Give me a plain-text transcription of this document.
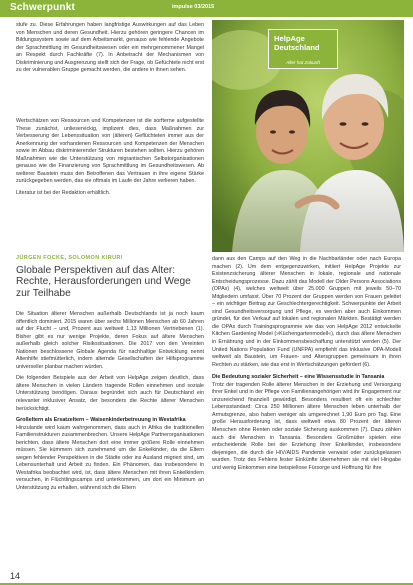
Schwerpunkt	impulse 03/2015

stufe zu. Diese Erfahrungen haben langfristige Auswirkungen auf das Leben von Menschen und deren Gesundheit. Hierzu gehören geringere Chancen im Bildungssystem sowie auf dem Arbeitsmarkt, genauso wie fehlende Angebote der Sprachmittlung im Gesundheitswesen oder ein mehrgenommener Mangel an Respekt durch Fachkräfte (7). In Anbetracht der Mechanismen von Diskriminierung und Ausgrenzung stellt sich der Frage, ob Gefüchtete nicht erst zu der vulnerablen Gruppe gemacht werden, die andere in ihnen sehen.

Wertschätzen von Ressourcen und Kompetenzen ist die sorfterne aufgestellte These zunächst, unlieservickig, implizent dies, dass Maßnahmen zur Verbesserung der Lebenssituation von (älteren) Geflüchteten immer aus der Anerkennung der vorhandenen Ressourcen und Kompetenzen der Menschen sowie im Abbau diskriminierender Strukturen bestehen sollten. Hierzu gehören Maßnahmen wie die Unterstützung von migrantischen Selbstorganisationen genauso wie die Finanzierung von Sprachmittlung im Gesundheitswesen. Ab welterer Baustein muss den Betroffenen das Vertrauen in ihre eigene Stärke zurückgegeben werden, das sie oftmals im Laufe der Jahre verlieren haben.

Literatur ist bei der Redaktion erhältlich.

HelpAge
Deutschland
Alter hat Zukunft
JÜRGEN FOCKE, SOLOMON KIRURI
Globale Perspektiven auf das Alter: Rechte, Herausforderungen und Wege zur Teilhabe

Die Situation älterer Menschen außerhalb Deutschlands ist ja noch kaum öffentlich dominiert. 2015 waren über sechs Millionen Menschen ab 60 Jahren auf der Flucht – und, Prozent aus weltweit 1,13 Millionen Vertriebenen (1). Bisher gibt es nur wenige Projekte, deren Fokus auf ältere Menschen außerhalb gleich solcher Risikosituationen. Die 2017 von den Vereinten Nationen beschlossene Globale Agenda für nachhaltige Entwicklung nennt Altenhilfe stiefmütterlich, indem alternde Gesellschaften der Hilfsprogramme universeller planbar machen würden.

Die folgenden Beispiele aus der Arbeit von HelpAge zeigen deutlich, dass ältere Menschen in vielen Ländern tragende Rollen einnehmen und soziale Unterstützung benötigen. Daraus begründet sich auch für Deutschland ein relevanter inklusiver Ansatz, der besonders die Rechte älterer Menschen berücksichtigt.

Großeltern als Ersatzeltern – Waisenkinderbetreuung in Westafrika

Hinzulande wird kaum wahrgenommen, dass auch in Afrika die traditionellen Familienstrukturen zusammenbrechen. Unsere HelpAge Partnerorganisationen berichten, dass ältere Menschen dort eine immer größere Rolle einnehmen müssen. Sie kümmern sich zunehmend um die Enkelkinder, da die Eltern wegen fehlender Perspektiven in die Städte oder ins Ausland migriert sind, um Lebensunterhalt und Arbeit zu finden. Ein Phänomen, das insbesondere in Westafrika beobachtet wird, ist, dass ältere Menschen mit ihren Enkelkindern versuchen, in Flüchtlingscamps und unterkommen, um dort ein Minimum an Unterstützung zu erhalten, während sich die Eltern

dann aus den Camps auf den Weg in die Nachbarländer oder nach Europa machen (2). Um dem entgegenzuwirken, initiiert HelpAge Projekte zur Existenzsicherung älterer Menschen in lokale, regionale und nationale Entscheidungsprozesse. Dazu zählt das Modell der Older Persons Associations (OPAs) (4), welches weltweit über 25.000 Gruppen mit jeweils 50–70 Mitgliedern umfasst. Über 70 Prozent der Gruppen werden von Frauen geleitet – ein wichtiger Beitrag zur Geschlechtergerechtigkeit. Schwerpunkte der Arbeit sind Gesundheitsversorgung und Pflege, es werden aber auch Einkommen gründet, für den Verkauf auf lokalen und regionalen Märkten. Bestätigt werden die OPAs durch Trainingsprogramme wie das von HelpAge 2012 entwickelte Kitchen Gardening Model (»Küchengartenmodell«), durch das ältere Menschen in Ernährung und in der Einkommensbeschaffung unterstützt werden (5). Der United Nations Population Fund (UNFPA) empfiehlt das inklusive OPA-Modell weltweit als Baustein, um Frauen- und Altersgruppen gemeinsam in ihren Rechten zu stärken, wie das erst in Wertschätzungen gefördert (6).

Die Bedeutung sozialer Sicherheit – eine Wissensstudie in Tansania

Trotz der tragenden Rolle älterer Menschen in der Erziehung und Versorgung ihrer Enkel und in der Pflege von Familienangehörigen wird ihr Engagement nur unzureichend finanziell gewürdigt. Besonders resultiert oft ein schlechter Lebensstandard: Circa 250 Millionen ältere Menschen leben unterhalb der Armutsgrenze, also haben weniger als umgerechnet 1,90 Euro pro Tag. Eine große Herausforderung ist, dass weltweit etwa 80 Prozent der älteren Menschen ohne Renten oder soziale Sicherung auskommen (7). Dazu zählen auch die Menschen in Tansania. Besonders Großmütter spielen eine entscheidende Rolle bei der Erziehung ihrer Enkelkinder, insbesondere diejenigen, die durch die HIV/AIDS Pandemie verwaist oder zurückgelassen wurden. Trotz des Fehlens fester Einkünfte übernehmen sie mit viel Hingabe und wenig Einkommen eine beispiellose Fürsorge und Hoffnung für ihre

14
